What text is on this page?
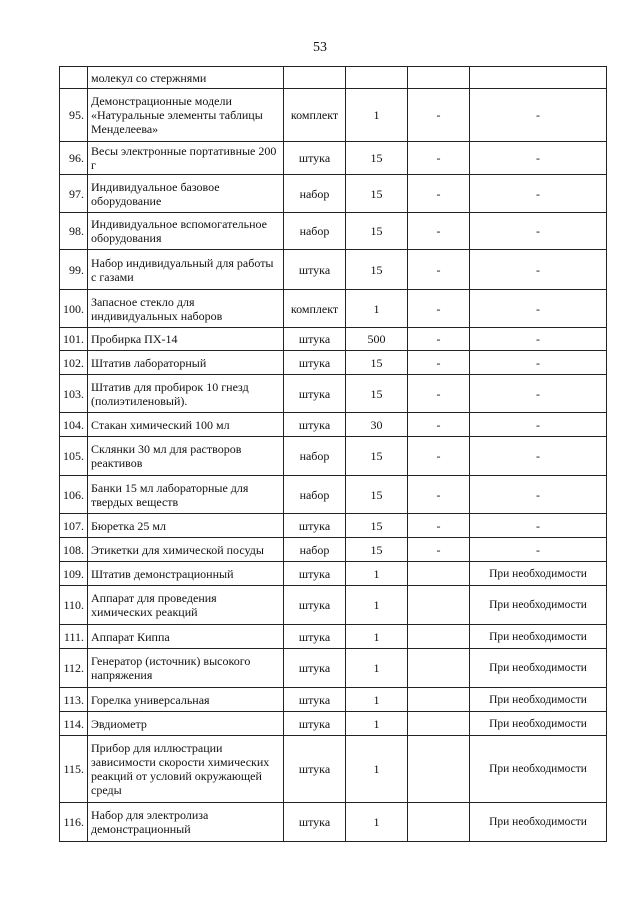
53
	молекул со стержнями				
95.	Демонстрационные модели «Натуральные элементы таблицы Менделеева»	комплект	1	-	-
96.	Весы электронные портативные 200 г	штука	15	-	-
97.	Индивидуальное базовое оборудование	набор	15	-	-
98.	Индивидуальное вспомогательное оборудования	набор	15	-	-
99.	Набор индивидуальный для работы с газами	штука	15	-	-
100.	Запасное стекло для индивидуальных наборов	комплект	1	-	-
101.	Пробирка ПХ-14	штука	500	-	-
102.	Штатив лабораторный	штука	15	-	-
103.	Штатив для пробирок 10 гнезд (полиэтиленовый).	штука	15	-	-
104.	Стакан химический 100 мл	штука	30	-	-
105.	Склянки 30 мл для растворов реактивов	набор	15	-	-
106.	Банки 15 мл лабораторные для твердых веществ	набор	15	-	-
107.	Бюретка 25 мл	штука	15	-	-
108.	Этикетки для химической посуды	набор	15	-	-
109.	Штатив демонстрационный	штука	1		При необходимости
110.	Аппарат для проведения химических реакций	штука	1		При необходимости
111.	Аппарат Киппа	штука	1		При необходимости
112.	Генератор (источник) высокого напряжения	штука	1		При необходимости
113.	Горелка универсальная	штука	1		При необходимости
114.	Эвдиометр	штука	1		При необходимости
115.	Прибор для иллюстрации зависимости скорости химических реакций от условий окружающей среды	штука	1		При необходимости
116.	Набор для электролиза демонстрационный	штука	1		При необходимости
